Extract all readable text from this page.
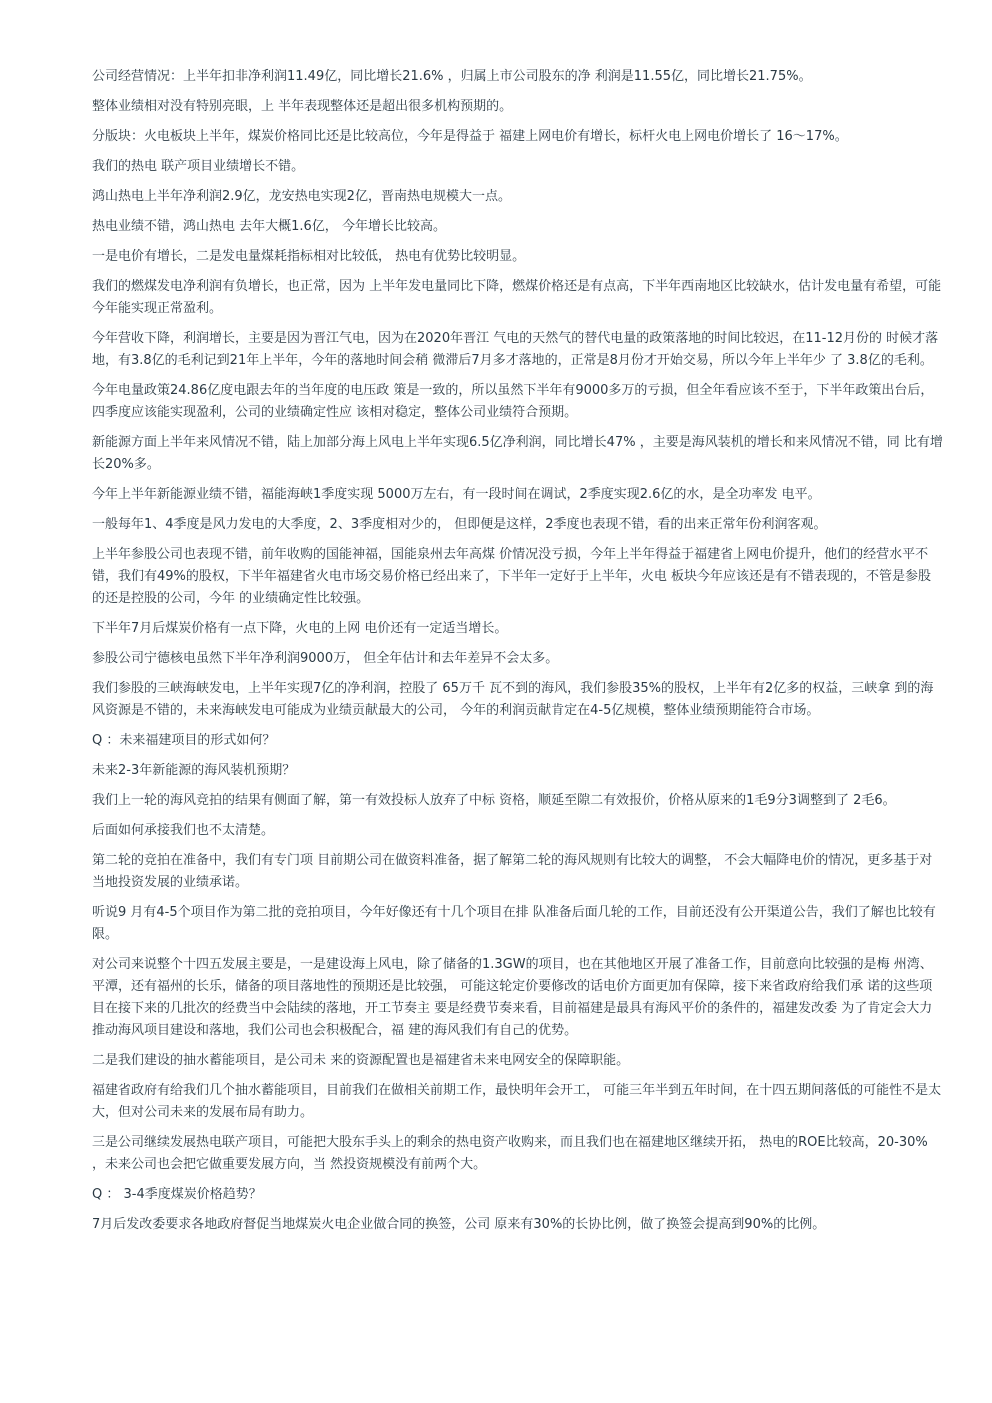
公司经营情况：上半年扣非净利润11.49亿，同比增长21.6% ，归属上市公司股东的净 利润是11.55亿，同比增长21.75%。

整体业绩相对没有特别亮眼，上 半年表现整体还是超出很多机构预期的。

分版块：火电板块上半年，煤炭价格同比还是比较高位，今年是得益于 福建上网电价有增长，标杆火电上网电价增长了 16〜17%。

我们的热电 联产项目业绩增长不错。

鸿山热电上半年净利润2.9亿，龙安热电实现2亿，晋南热电规模大一点。

热电业绩不错，鸿山热电 去年大概1.6亿， 今年增长比较高。

一是电价有增长，二是发电量煤耗指标相对比较低， 热电有优势比较明显。

我们的燃煤发电净利润有负增长，也正常，因为 上半年发电量同比下降，燃煤价格还是有点高，下半年西南地区比较缺水，估计发电量有希望，可能今年能实现正常盈利。

今年营收下降，利润增长，主要是因为晋江气电，因为在2020年晋江 气电的天然气的替代电量的政策落地的时间比较迟，在11-12月份的 时候才落地，有3.8亿的毛利记到21年上半年，今年的落地时间会稍 微滞后7月多才落地的，正常是8月份才开始交易，所以今年上半年少 了 3.8亿的毛利。

今年电量政策24.86亿度电跟去年的当年度的电压政 策是一致的，所以虽然下半年有9000多万的亏损，但全年看应该不至于，下半年政策出台后，四季度应该能实现盈利，公司的业绩确定性应 该相对稳定，整体公司业绩符合预期。

新能源方面上半年来风情况不错，陆上加部分海上风电上半年实现6.5亿净利润，同比增长47% ，主要是海风装机的增长和来风情况不错，同 比有增长20%多。

今年上半年新能源业绩不错，福能海峡1季度实现 5000万左右，有一段时间在调试，2季度实现2.6亿的水，是全功率发 电平。

一般每年1、4季度是风力发电的大季度，2、3季度相对少的， 但即便是这样，2季度也表现不错，看的出来正常年份利润客观。

上半年参股公司也表现不错，前年收购的国能神福，国能泉州去年高煤 价情况没亏损，今年上半年得益于福建省上网电价提升，他们的经营水平不错，我们有49%的股权，下半年福建省火电市场交易价格已经出来了，下半年一定好于上半年，火电 板块今年应该还是有不错表现的，不管是参股的还是控股的公司，今年 的业绩确定性比较强。

下半年7月后煤炭价格有一点下降，火电的上网 电价还有一定适当增长。

参股公司宁德核电虽然下半年净利润9000万， 但全年估计和去年差异不会太多。

我们参股的三峡海峡发电，上半年实现7亿的净利润，控股了 65万千 瓦不到的海风，我们参股35%的股权，上半年有2亿多的权益，三峡拿 到的海风资源是不错的，未来海峡发电可能成为业绩贡献最大的公司， 今年的利润贡献肯定在4-5亿规模，整体业绩预期能符合市场。

Q ：未来福建项目的形式如何？

未来2-3年新能源的海风装机预期？

我们上一轮的海风竞拍的结果有侧面了解，第一有效投标人放弃了中标 资格，顺延至隙二有效报价，价格从原来的1毛9分3调整到了 2毛6。

后面如何承接我们也不太清楚。

第二轮的竞拍在准备中，我们有专门项 目前期公司在做资料准备，据了解第二轮的海风规则有比较大的调整， 不会大幅降电价的情况，更多基于对当地投资发展的业绩承诺。

听说9 月有4-5个项目作为第二批的竞拍项目，今年好像还有十几个项目在排 队准备后面几轮的工作，目前还没有公开渠道公告，我们了解也比较有 限。

对公司来说整个十四五发展主要是，一是建设海上风电，除了储备的1.3GW的项目，也在其他地区开展了准备工作，目前意向比较强的是梅 州湾、平潭，还有福州的长乐，储备的项目落地性的预期还是比较强， 可能这轮定价要修改的话电价方面更加有保障，接下来省政府给我们承 诺的这些项目在接下来的几批次的经费当中会陆续的落地，开工节奏主 要是经费节奏来看，目前福建是最具有海风平价的条件的，福建发改委 为了肯定会大力推动海风项目建设和落地，我们公司也会积极配合，福 建的海风我们有自己的优势。

二是我们建设的抽水蓄能项目，是公司未 来的资源配置也是福建省未来电网安全的保障职能。

福建省政府有给我们几个抽水蓄能项目，目前我们在做相关前期工作，最快明年会开工， 可能三年半到五年时间，在十四五期间落低的可能性不是太大，但对公司未来的发展布局有助力。

三是公司继续发展热电联产项目，可能把大股东手头上的剩余的热电资产收购来，而且我们也在福建地区继续开拓， 热电的ROE比较高，20-30% ，未来公司也会把它做重要发展方向，当 然投资规模没有前两个大。

Q ： 3-4季度煤炭价格趋势？

7月后发改委要求各地政府督促当地煤炭火电企业做合同的换签，公司 原来有30%的长协比例，做了换签会提高到90%的比例。
